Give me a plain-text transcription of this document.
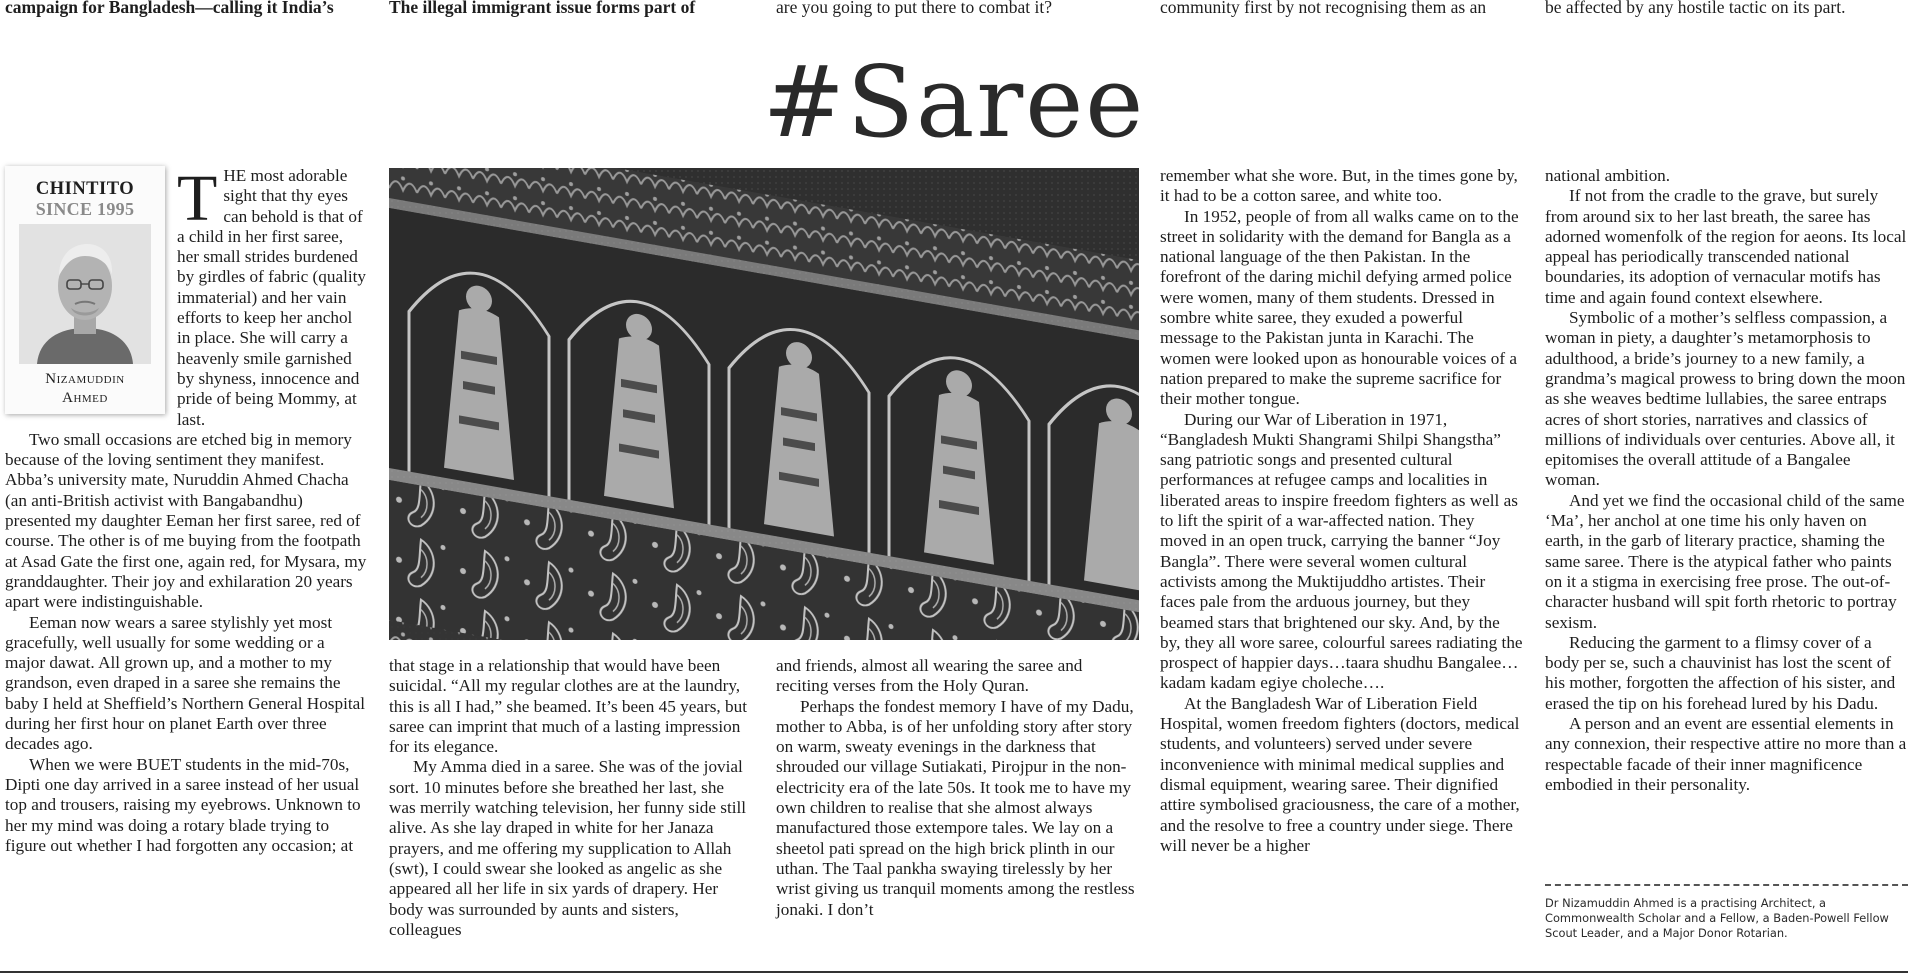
campaign for Bangladesh—calling it India’s	The illegal immigrant issue forms part of	are you going to put there to combat it?	community first by not recognising them as an	be affected by any hostile tactic on its part.
#Saree
CHINTITO
SINCE 1995
Nizamuddin
Ahmed
T HE most adorable sight that thy eyes can behold is that of a child in her first saree, her small strides burdened by girdles of fabric (quality immaterial) and her vain efforts to keep her anchol in place. She will carry a heavenly smile garnished by shyness, innocence and pride of being Mommy, at last.

Two small occasions are etched big in memory because of the loving sentiment they manifest. Abba’s university mate, Nuruddin Ahmed Chacha (an anti-British activist with Bangabandhu) presented my daughter Eeman her first saree, red of course. The other is of me buying from the footpath at Asad Gate the first one, again red, for Mysara, my granddaughter. Their joy and exhilaration 20 years apart were indistinguishable.

Eeman now wears a saree stylishly yet most gracefully, well usually for some wedding or a major dawat. All grown up, and a mother to my grandson, even draped in a saree she remains the baby I held at Sheffield’s Northern General Hospital during her first hour on planet Earth over three decades ago.

When we were BUET students in the mid-70s, Dipti one day arrived in a saree instead of her usual top and trousers, raising my eyebrows. Unknown to her my mind was doing a rotary blade trying to figure out whether I had forgotten any occasion; at

that stage in a relationship that would have been suicidal. “All my regular clothes are at the laundry, this is all I had,” she beamed. It’s been 45 years, but saree can imprint that much of a lasting impression for its elegance.

My Amma died in a saree. She was of the jovial sort. 10 minutes before she breathed her last, she was merrily watching television, her funny side still alive. As she lay draped in white for her Janaza prayers, and me offering my supplication to Allah (swt), I could swear she looked as angelic as she appeared all her life in six yards of drapery. Her body was surrounded by aunts and sisters, colleagues

and friends, almost all wearing the saree and reciting verses from the Holy Quran.

Perhaps the fondest memory I have of my Dadu, mother to Abba, is of her unfolding story after story on warm, sweaty evenings in the darkness that shrouded our village Sutiakati, Pirojpur in the non-electricity era of the late 50s. It took me to have my own children to realise that she almost always manufactured those extempore tales. We lay on a sheetol pati spread on the high brick plinth in our uthan. The Taal pankha swaying tirelessly by her wrist giving us tranquil moments among the restless jonaki. I don’t

remember what she wore. But, in the times gone by, it had to be a cotton saree, and white too.

In 1952, people of from all walks came on to the street in solidarity with the demand for Bangla as a national language of the then Pakistan. In the forefront of the daring michil defying armed police were women, many of them students. Dressed in sombre white saree, they exuded a powerful message to the Pakistan junta in Karachi. The women were looked upon as honourable voices of a nation prepared to make the supreme sacrifice for their mother tongue.

During our War of Liberation in 1971, “Bangladesh Mukti Shangrami Shilpi Shangstha” sang patriotic songs and presented cultural performances at refugee camps and localities in liberated areas to inspire freedom fighters as well as to lift the spirit of a war-affected nation. They moved in an open truck, carrying the banner “Joy Bangla”. There were several women cultural activists among the Muktijuddho artistes. Their faces pale from the arduous journey, but they beamed stars that brightened our sky. And, by the by, they all wore saree, colourful sarees radiating the prospect of happier days…taara shudhu Bangalee…kadam kadam egiye choleche….

At the Bangladesh War of Liberation Field Hospital, women freedom fighters (doctors, medical students, and volunteers) served under severe inconvenience with minimal medical supplies and dismal equipment, wearing saree. Their dignified attire symbolised graciousness, the care of a mother, and the resolve to free a country under siege. There will never be a higher

national ambition.

If not from the cradle to the grave, but surely from around six to her last breath, the saree has adorned womenfolk of the region for aeons. Its local appeal has periodically transcended national boundaries, its adoption of vernacular motifs has time and again found context elsewhere.

Symbolic of a mother’s selfless compassion, a woman in piety, a daughter’s metamorphosis to adulthood, a bride’s journey to a new family, a grandma’s magical prowess to bring down the moon as she weaves bedtime lullabies, the saree entraps acres of short stories, narratives and classics of millions of individuals over centuries. Above all, it epitomises the overall attitude of a Bangalee woman.

And yet we find the occasional child of the same ‘Ma’, her anchol at one time his only haven on earth, in the garb of literary practice, shaming the same saree. There is the atypical father who paints on it a stigma in exercising free prose. The out-of-character husband will spit forth rhetoric to portray sexism.

Reducing the garment to a flimsy cover of a body per se, such a chauvinist has lost the scent of his mother, forgotten the affection of his sister, and erased the tip on his forehead lured by his Dadu.

A person and an event are essential elements in any connexion, their respective attire no more than a respectable facade of their inner magnificence embodied in their personality.

Dr Nizamuddin Ahmed is a practising Architect, a Commonwealth Scholar and a Fellow, a Baden-Powell Fellow Scout Leader, and a Major Donor Rotarian.
